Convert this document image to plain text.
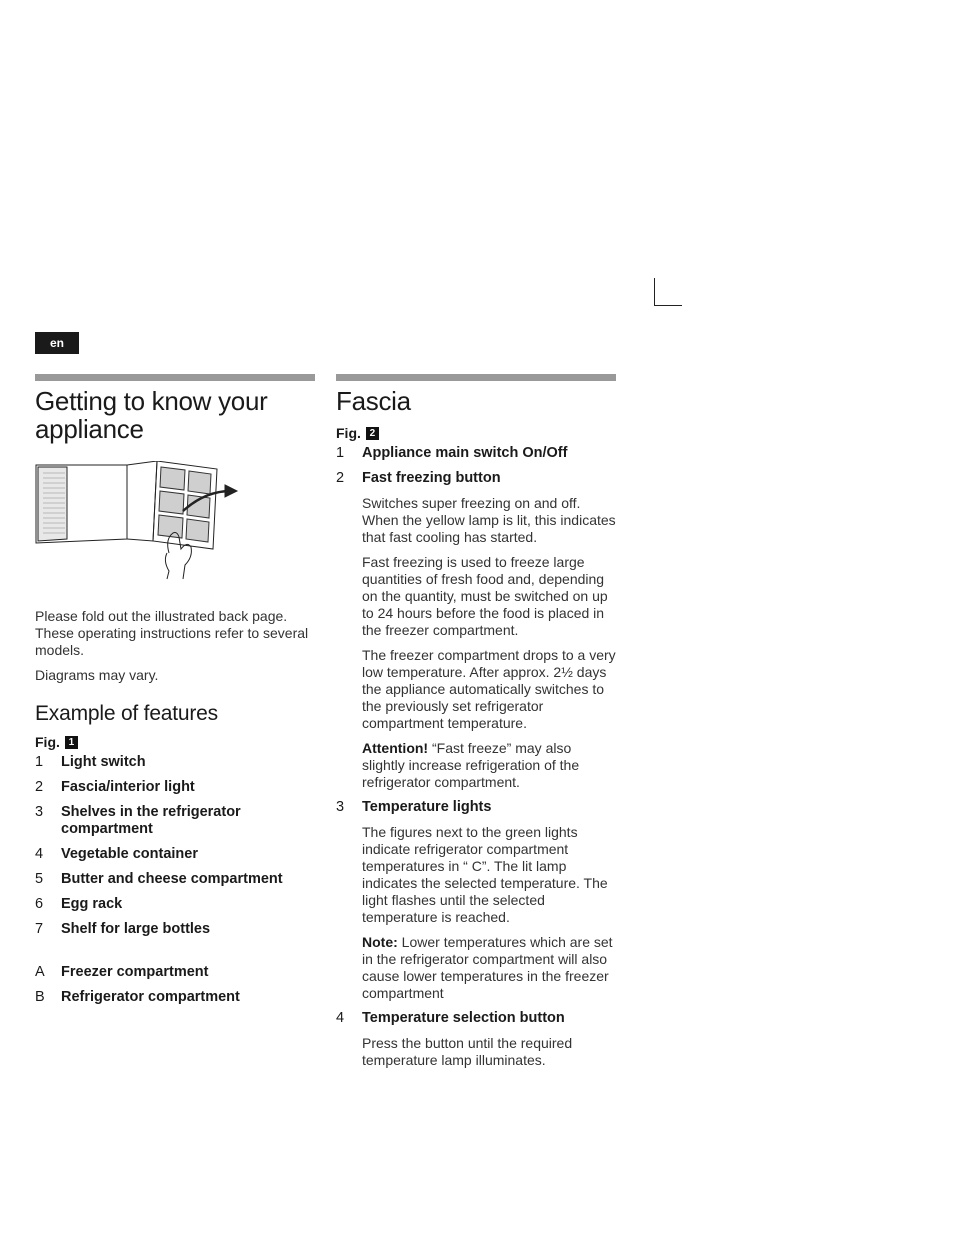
en
Getting to know your appliance

Please fold out the illustrated back page. These operating instructions refer to several models.

Diagrams may vary.

Example of features
Fig. 1
1	Light switch
2	Fascia/interior light
3	Shelves in the refrigerator compartment
4	Vegetable container
5	Butter and cheese compartment
6	Egg rack
7	Shelf for large bottles
A	Freezer compartment
B	Refrigerator compartment
Fascia
Fig. 2
1	Appliance main switch On/Off
2	Fast freezing button

Switches super freezing on and off. When the yellow lamp is lit, this indicates that fast cooling has started.

Fast freezing is used to freeze large quantities of fresh food and, depending on the quantity, must be switched on up to 24 hours before the food is placed in the freezer compartment.

The freezer compartment drops to a very low temperature. After approx. 2½ days the appliance automatically switches to the previously set refrigerator compartment temperature.

Attention! “Fast freeze” may also slightly increase refrigeration of the refrigerator compartment.

3	Temperature lights

The figures next to the green lights indicate refrigerator compartment temperatures in “ C”. The lit lamp indicates the selected temperature. The light flashes until the selected temperature is reached.

Note: Lower temperatures which are set in the refrigerator compartment will also cause lower temperatures in the freezer compartment

4	Temperature selection button

Press the button until the required temperature lamp illuminates.
